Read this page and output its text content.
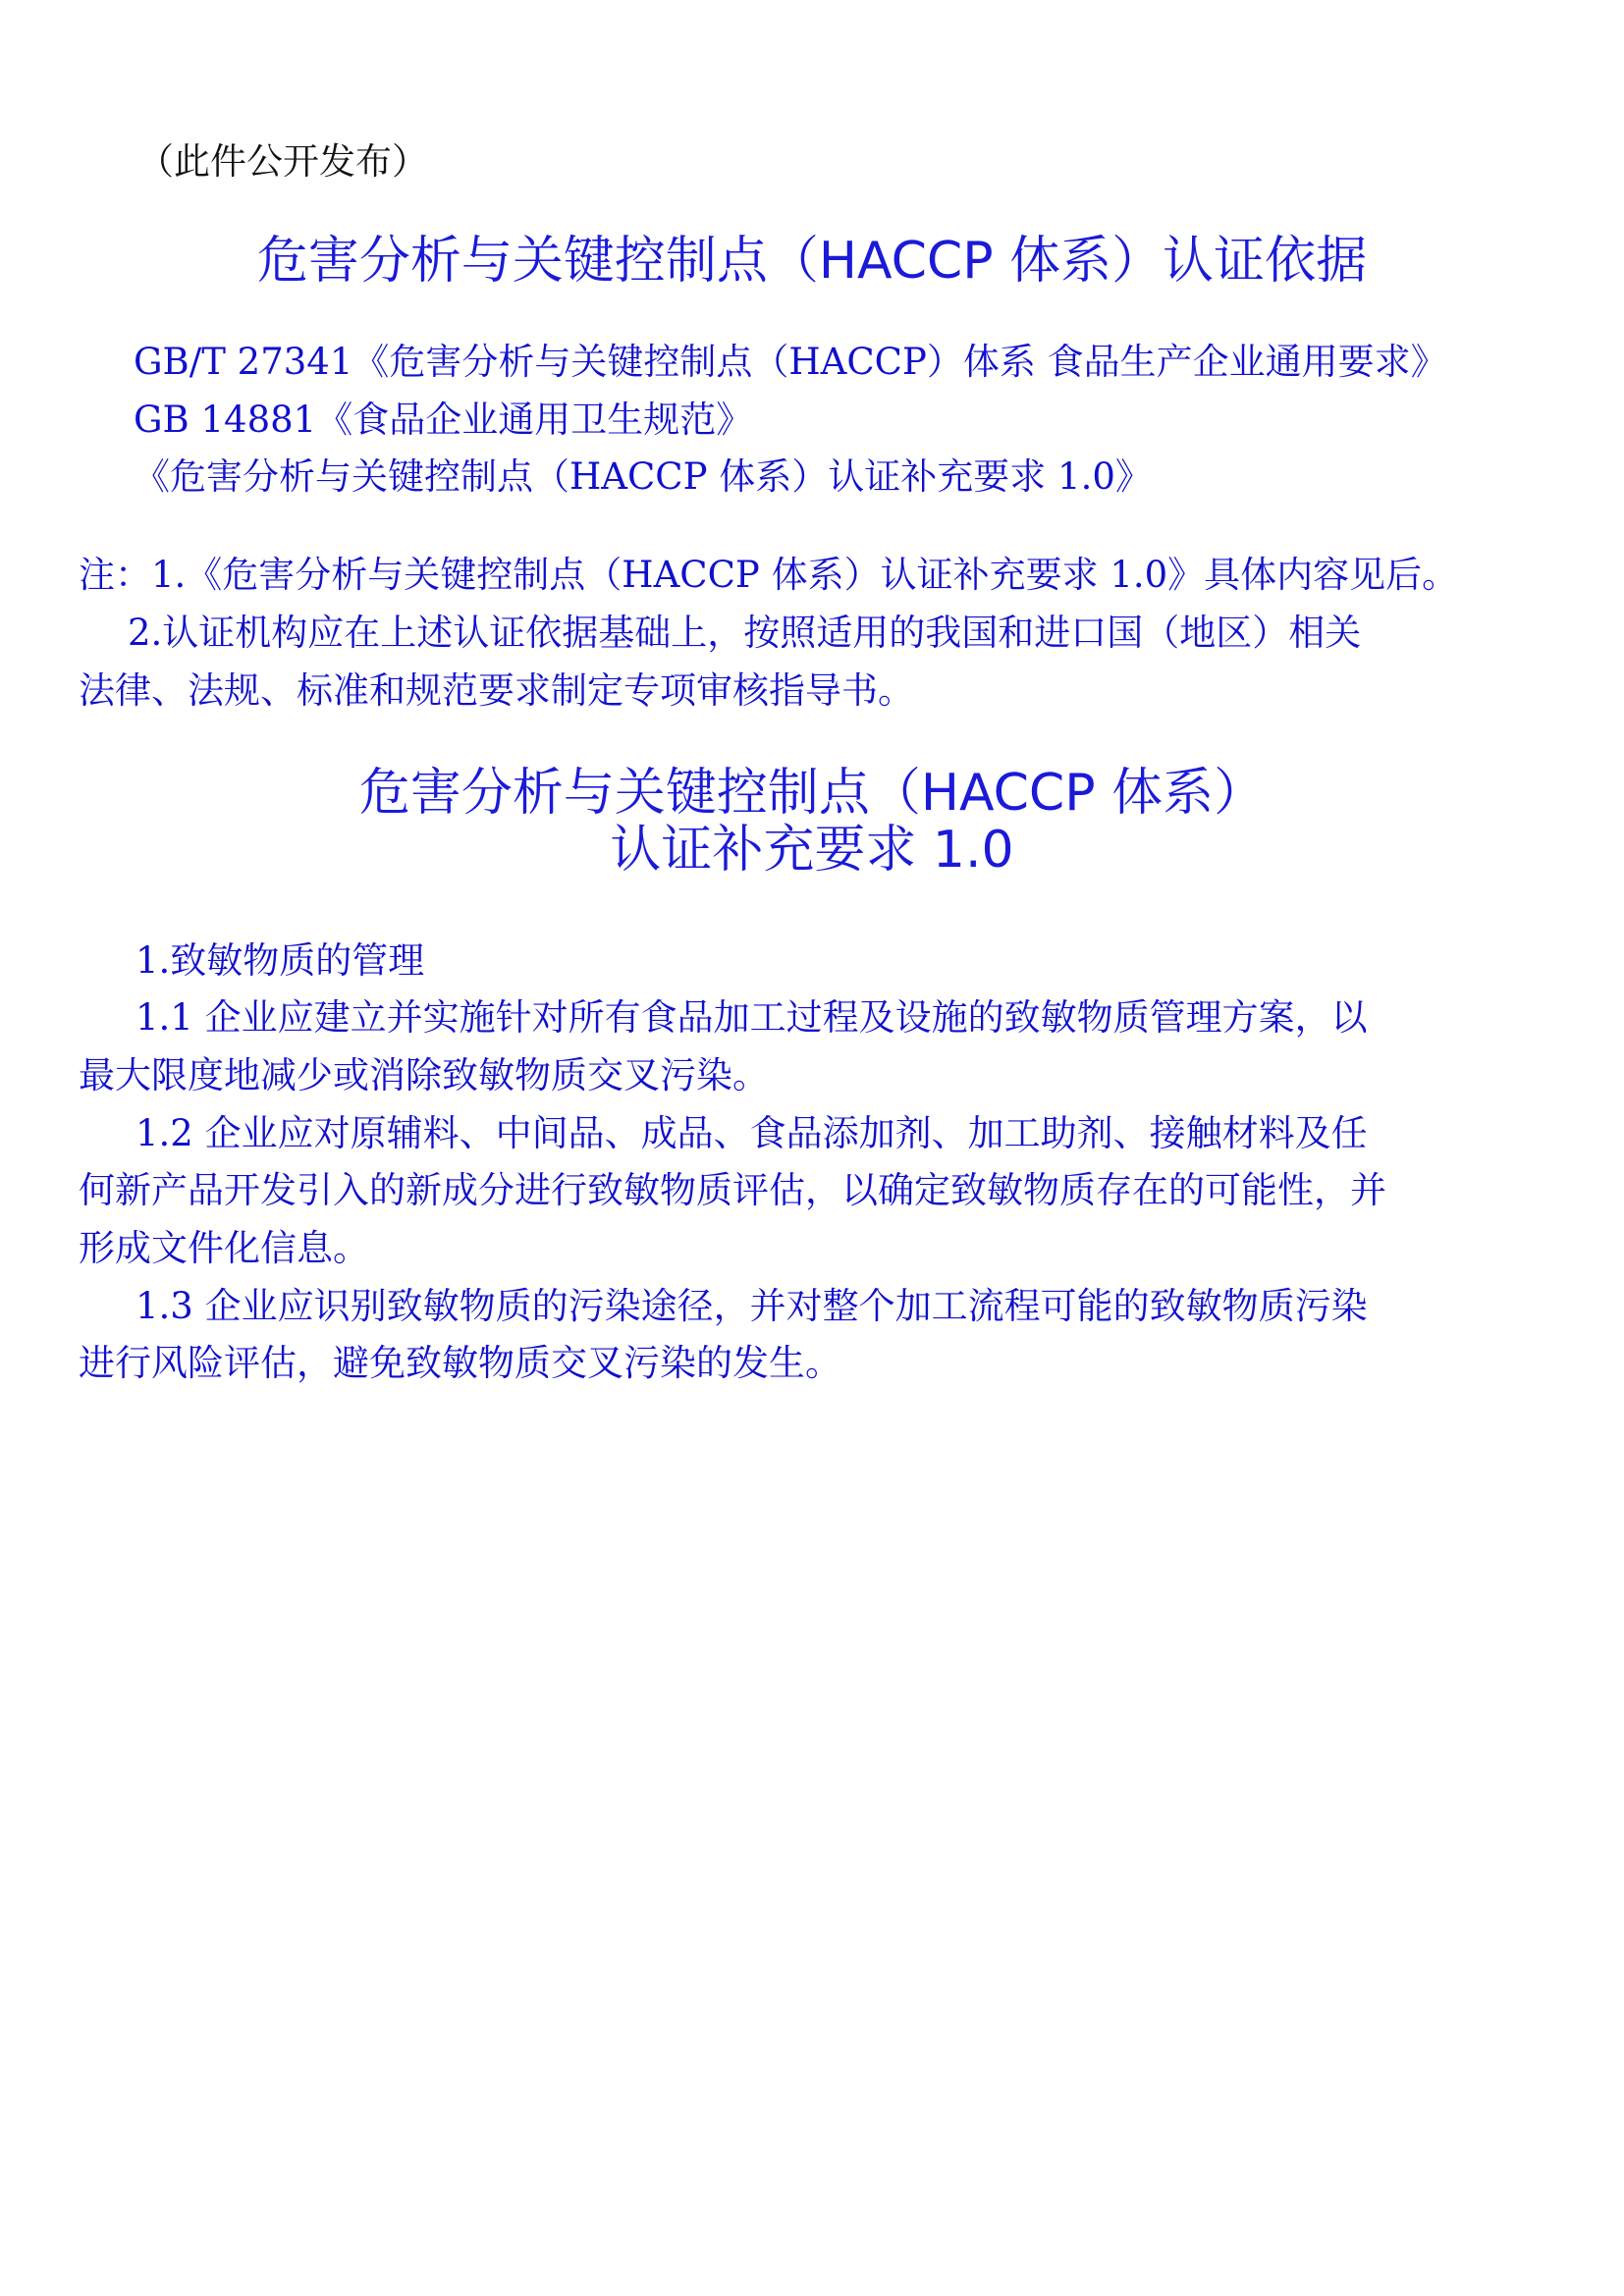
（此件公开发布）
危害分析与关键控制点（HACCP 体系）认证依据
GB/T 27341《危害分析与关键控制点（HACCP）体系 食品生产企业通用要求》
GB 14881《食品企业通用卫生规范》
《危害分析与关键控制点（HACCP 体系）认证补充要求 1.0》
注：1.《危害分析与关键控制点（HACCP 体系）认证补充要求 1.0》具体内容见后。
2.认证机构应在上述认证依据基础上，按照适用的我国和进口国（地区）相关
法律、法规、标准和规范要求制定专项审核指导书。
危害分析与关键控制点（HACCP 体系）
认证补充要求 1.0
1.致敏物质的管理
1.1 企业应建立并实施针对所有食品加工过程及设施的致敏物质管理方案，以
最大限度地减少或消除致敏物质交叉污染。
1.2 企业应对原辅料、中间品、成品、食品添加剂、加工助剂、接触材料及任
何新产品开发引入的新成分进行致敏物质评估，以确定致敏物质存在的可能性，并
形成文件化信息。
1.3 企业应识别致敏物质的污染途径，并对整个加工流程可能的致敏物质污染
进行风险评估，避免致敏物质交叉污染的发生。
